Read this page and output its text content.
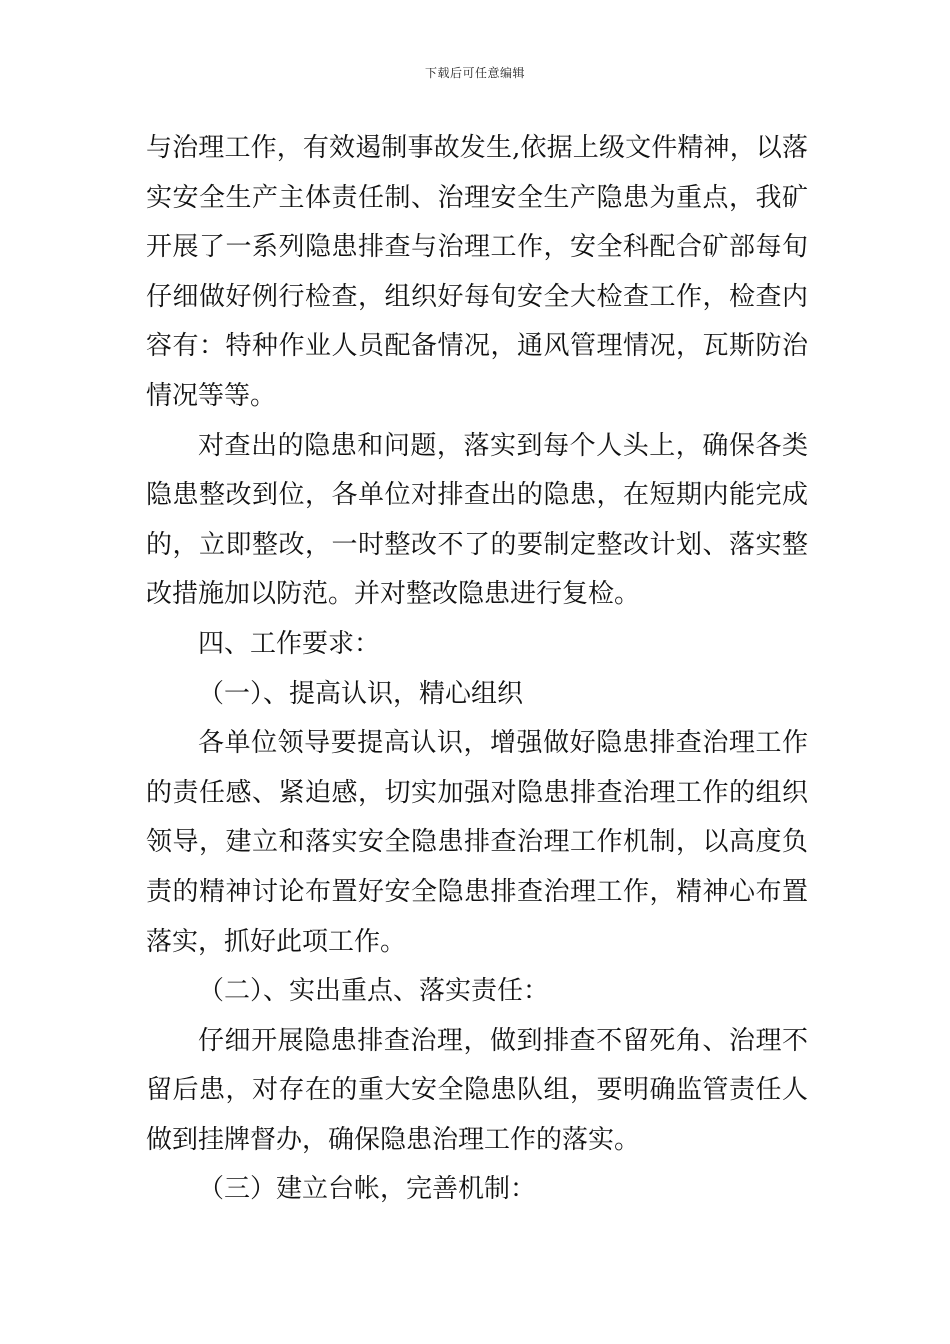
下载后可任意编辑

与治理工作，有效遏制事故发生,依据上级文件精神，以落实安全生产主体责任制、治理安全生产隐患为重点，我矿开展了一系列隐患排查与治理工作，安全科配合矿部每旬仔细做好例行检查，组织好每旬安全大检查工作，检查内容有：特种作业人员配备情况，通风管理情况，瓦斯防治情况等等。

对查出的隐患和问题，落实到每个人头上，确保各类隐患整改到位，各单位对排查出的隐患，在短期内能完成的，立即整改，一时整改不了的要制定整改计划、落实整改措施加以防范。并对整改隐患进行复检。

四、工作要求：

（一）、提高认识，精心组织

各单位领导要提高认识，增强做好隐患排查治理工作的责任感、紧迫感，切实加强对隐患排查治理工作的组织领导，建立和落实安全隐患排查治理工作机制，以高度负责的精神讨论布置好安全隐患排查治理工作，精神心布置落实，抓好此项工作。

（二）、实出重点、落实责任：

仔细开展隐患排查治理，做到排查不留死角、治理不留后患，对存在的重大安全隐患队组，要明确监管责任人做到挂牌督办，确保隐患治理工作的落实。

（三）建立台帐，完善机制：
